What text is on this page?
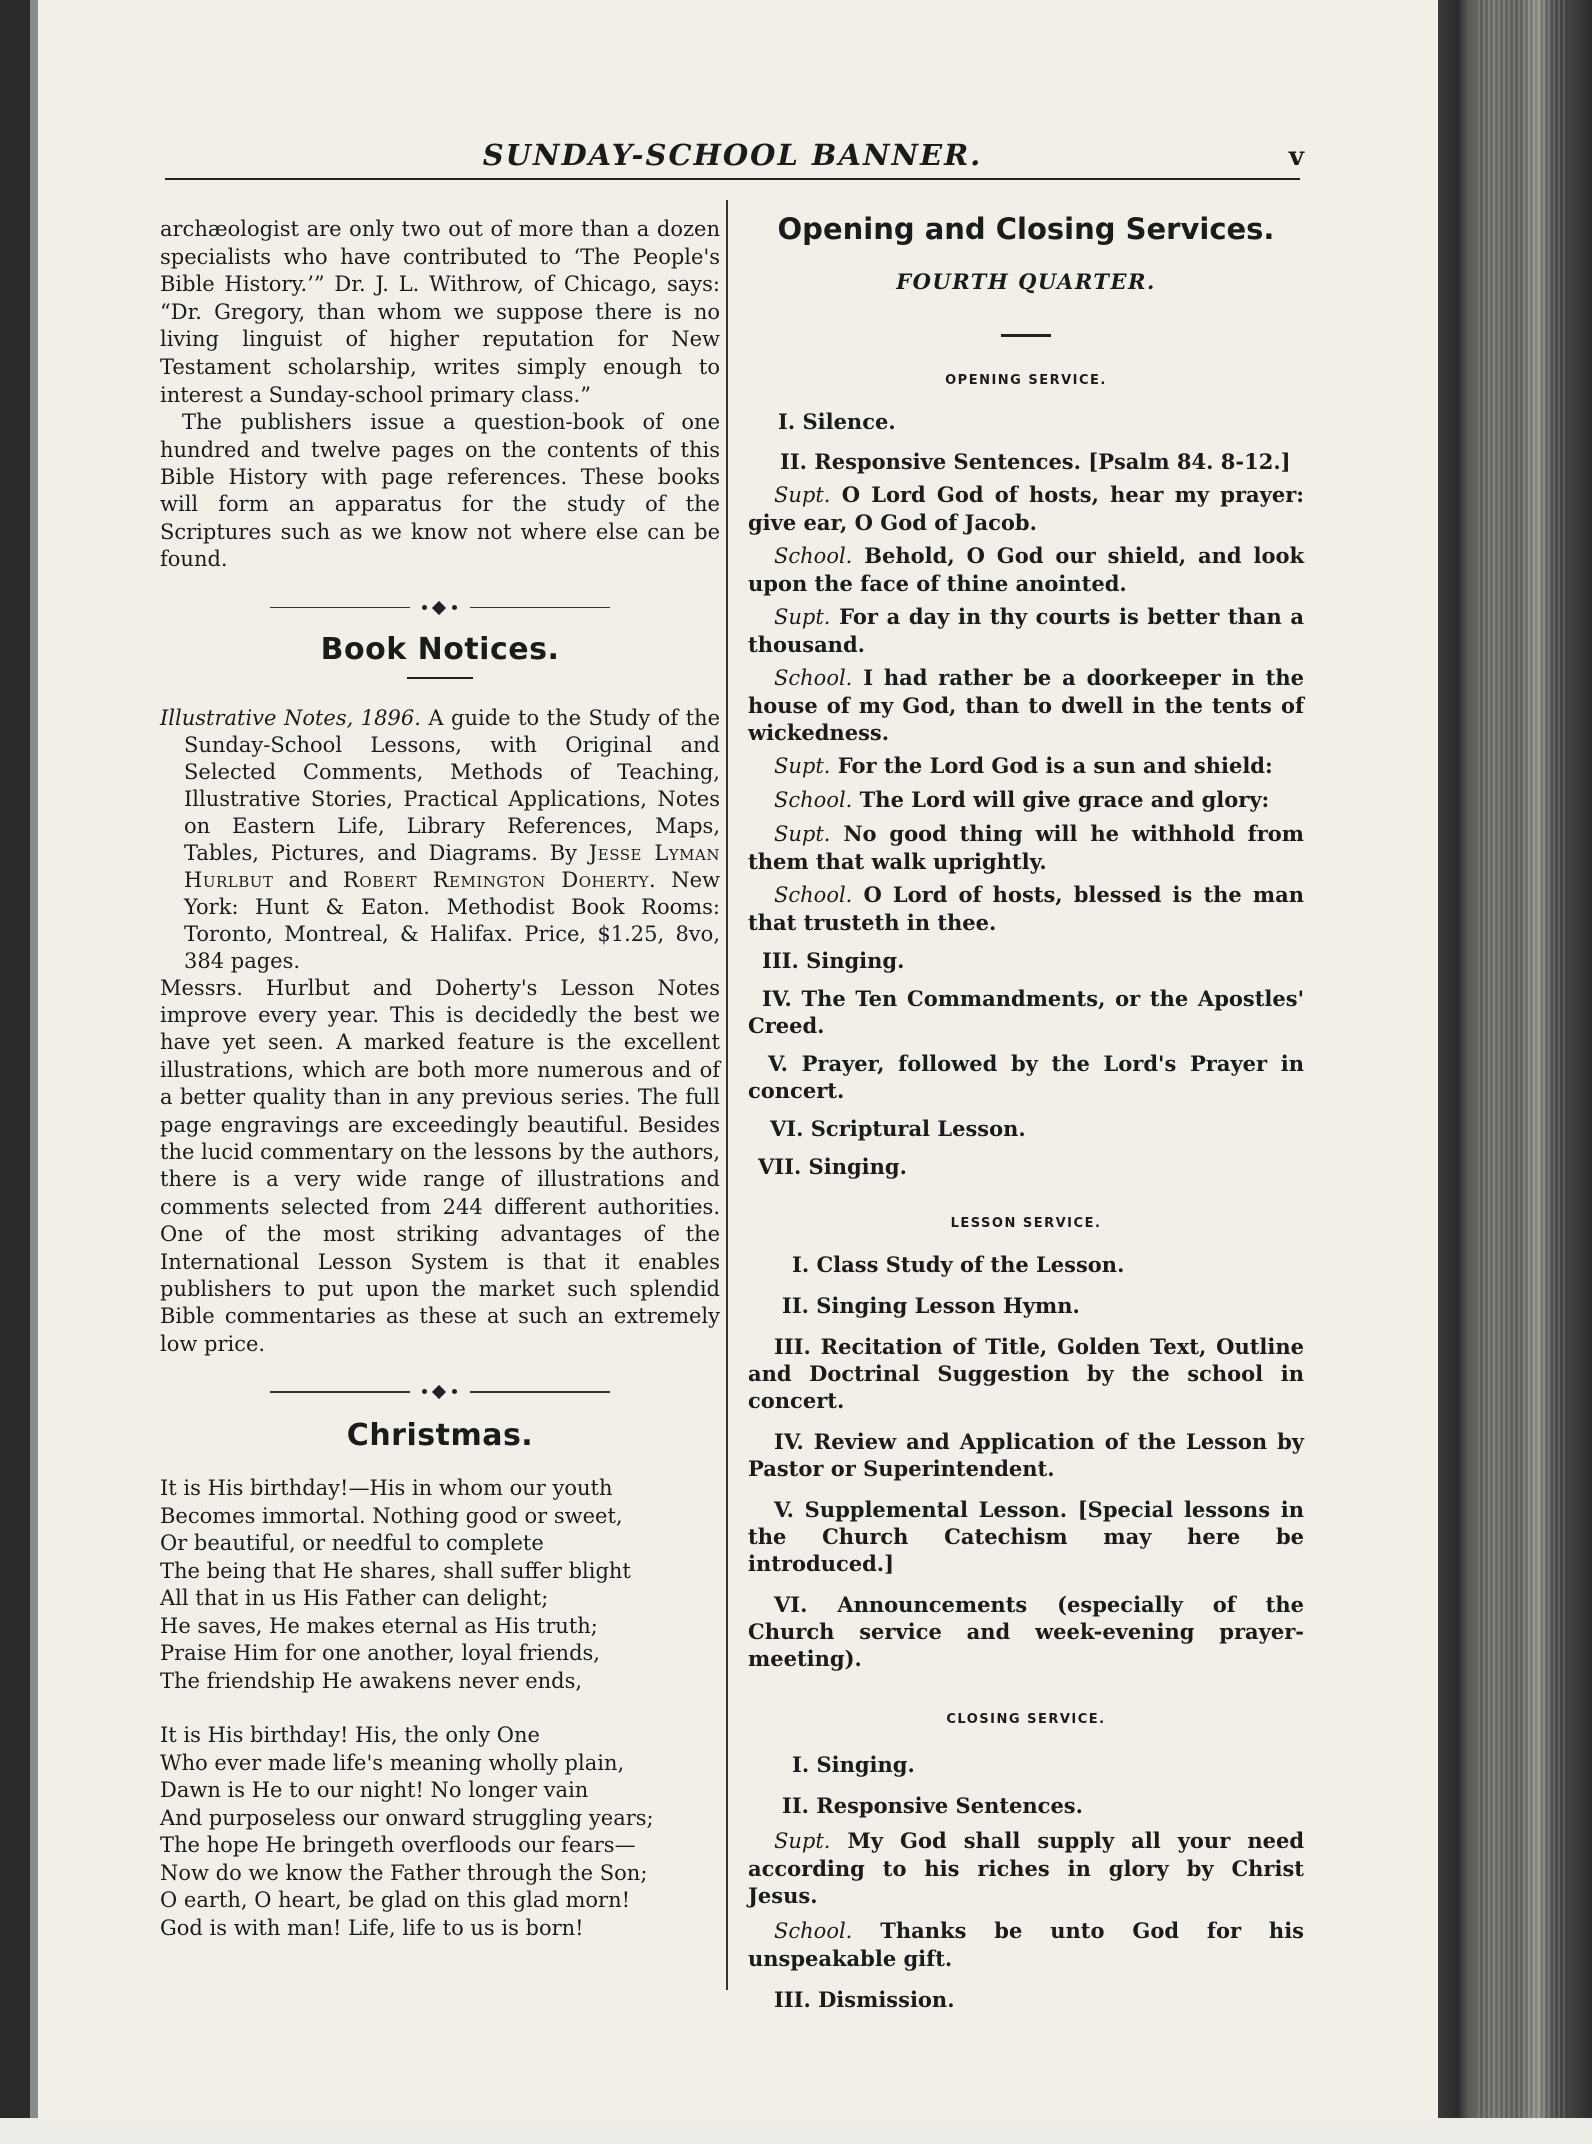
SUNDAY-SCHOOL BANNER.	v

archæologist are only two out of more than a dozen specialists who have contributed to ‘The People's Bible History.’” Dr. J. L. Withrow, of Chicago, says: “Dr. Gregory, than whom we suppose there is no living linguist of higher reputation for New Testament scholarship, writes simply enough to interest a Sunday-school primary class.”

The publishers issue a question-book of one hundred and twelve pages on the contents of this Bible History with page references. These books will form an apparatus for the study of the Scriptures such as we know not where else can be found.

Book Notices.

Illustrative Notes, 1896. A guide to the Study of the Sunday-School Lessons, with Original and Selected Comments, Methods of Teaching, Illustrative Stories, Practical Applications, Notes on Eastern Life, Library References, Maps, Tables, Pictures, and Diagrams. By Jesse Lyman Hurlbut and Robert Remington Doherty. New York: Hunt & Eaton. Methodist Book Rooms: Toronto, Montreal, & Halifax. Price, $1.25, 8vo, 384 pages.

Messrs. Hurlbut and Doherty's Lesson Notes improve every year. This is decidedly the best we have yet seen. A marked feature is the excellent illustrations, which are both more numerous and of a better quality than in any previous series. The full page engravings are exceedingly beautiful. Besides the lucid commentary on the lessons by the authors, there is a very wide range of illustrations and comments selected from 244 different authorities. One of the most striking advantages of the International Lesson System is that it enables publishers to put upon the market such splendid Bible commentaries as these at such an extremely low price.

Christmas.
It is His birthday!—His in whom our youth
Becomes immortal. Nothing good or sweet,
Or beautiful, or needful to complete
The being that He shares, shall suffer blight
All that in us His Father can delight;
He saves, He makes eternal as His truth;
Praise Him for one another, loyal friends,
The friendship He awakens never ends,
It is His birthday! His, the only One
Who ever made life's meaning wholly plain,
Dawn is He to our night! No longer vain
And purposeless our onward struggling years;
The hope He bringeth overfloods our fears—
Now do we know the Father through the Son;
O earth, O heart, be glad on this glad morn!
God is with man! Life, life to us is born!
Opening and Closing Services.
FOURTH QUARTER.
OPENING SERVICE.
I. Silence.
II. Responsive Sentences. [Psalm 84. 8-12.]

Supt. O Lord God of hosts, hear my prayer: give ear, O God of Jacob.

School. Behold, O God our shield, and look upon the face of thine anointed.

Supt. For a day in thy courts is better than a thousand.

School. I had rather be a doorkeeper in the house of my God, than to dwell in the tents of wickedness.

Supt. For the Lord God is a sun and shield:

School. The Lord will give grace and glory:

Supt. No good thing will he withhold from them that walk uprightly.

School. O Lord of hosts, blessed is the man that trusteth in thee.

III. Singing.

IV. The Ten Commandments, or the Apostles' Creed.

V. Prayer, followed by the Lord's Prayer in concert.

VI. Scriptural Lesson.
VII. Singing.
LESSON SERVICE.
I. Class Study of the Lesson.
II. Singing Lesson Hymn.

III. Recitation of Title, Golden Text, Outline and Doctrinal Suggestion by the school in concert.

IV. Review and Application of the Lesson by Pastor or Superintendent.

V. Supplemental Lesson. [Special lessons in the Church Catechism may here be introduced.]

VI. Announcements (especially of the Church service and week-evening prayer-meeting).

CLOSING SERVICE.
I. Singing.
II. Responsive Sentences.

Supt. My God shall supply all your need according to his riches in glory by Christ Jesus.

School. Thanks be unto God for his unspeakable gift.

III. Dismission.
